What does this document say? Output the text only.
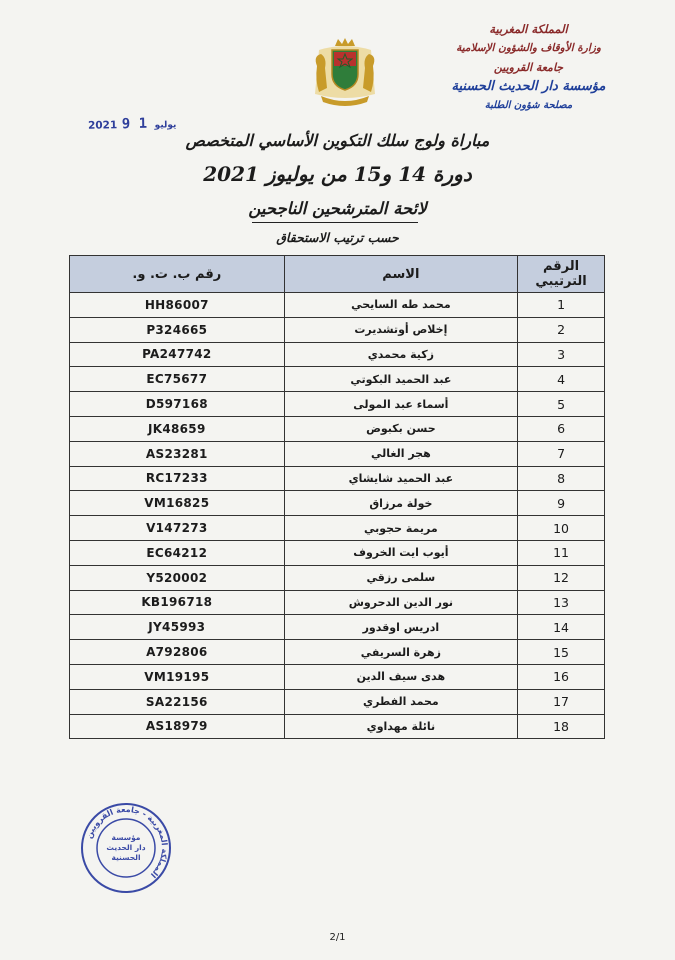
المملكة المغربية
وزارة الأوقاف والشؤون الإسلامية
جامعة القرويين
مؤسسة دار الحديث الحسنية
مصلحة شؤون الطلبة
2021	يوليو 1 9
مباراة ولوج سلك التكوين الأساسي المتخصص
دورة 14 و15 من يوليوز 2021
لائحة المترشحين الناجحين
حسب ترتيب الاستحقاق
الرقم الترتيبي	الاسم	رقم ب. ت. و.
1	محمد طه السايحي	HH86007
2	إخلاص أوتشديرت	P324665
3	زكية محمدي	PA247742
4	عبد الحميد البكوتي	EC75677
5	أسماء عبد المولى	D597168
6	حسن بكبوض	JK48659
7	هجر الغالي	AS23281
8	عبد الحميد شايشاي	RC17233
9	خولة مرزاق	VM16825
10	مريمة حجوبي	V147273
11	أيوب ايت الخروف	EC64212
12	سلمى رزقي	Y520002
13	نور الدين الدحروش	KB196718
14	ادريس اوقدور	JY45993
15	زهرة السريفي	A792806
16	هدى سيف الدين	VM19195
17	محمد الفطري	SA22156
18	نائلة مهداوي	AS18979
المملكة المغربية - جامعة القرويين
مؤسسة
دار الحديث
الحسنية
2/1
